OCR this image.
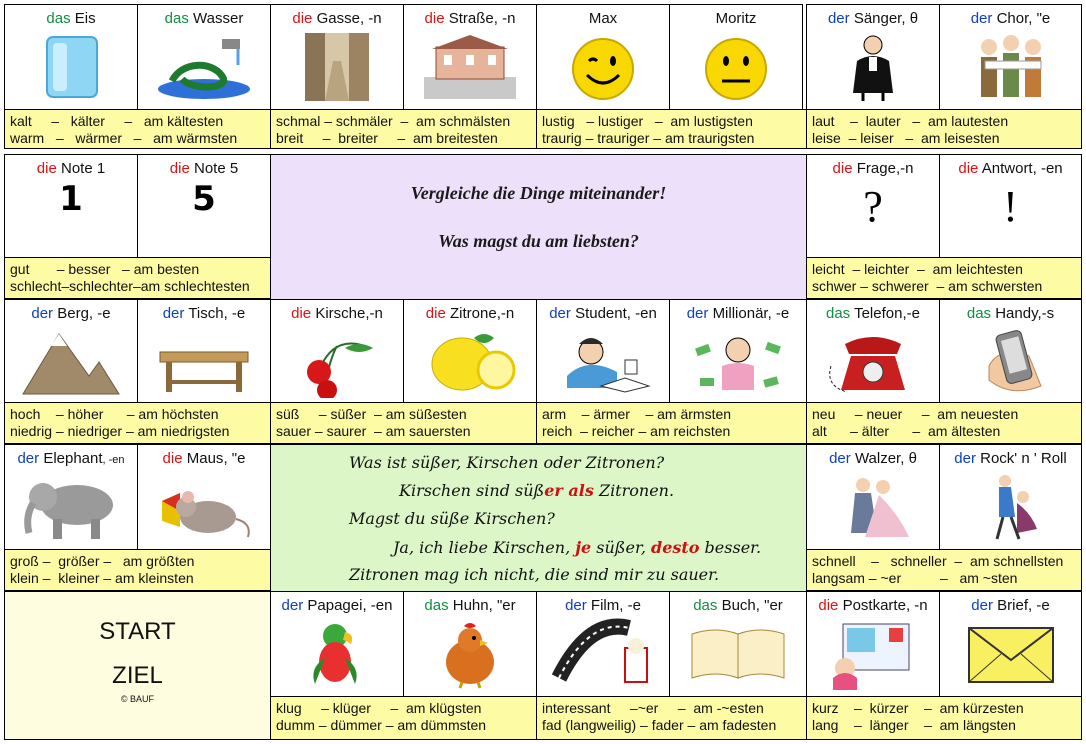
das Eis	das Wasser	die Gasse, -n	die Straße, -n	Max	Moritz	der Sänger, θ	der Chor, "e
kalt     –   kälter     –   am kältesten
warm   –   wärmer   –   am wärmsten
schmal – schmäler  –  am schmälsten
breit     –  breiter     –  am breitesten
lustig   – lustiger   –  am lustigsten
traurig – trauriger – am traurigsten
laut    –  lauter   –  am lautesten
leise  – leiser   –  am leisesten
die Note 1
1
die Note 5
5	Vergleiche die Dinge miteinander!
Was magst du am liebsten?
die Frage,-n
?
die Antwort, -en
!
gut       – besser   – am besten
schlecht–schlechter–am schlechtesten
leicht  – leichter  –  am leichtesten
schwer – schwerer  – am schwersten
der Berg, -e	der Tisch, -e	die Kirsche,-n	die Zitrone,-n	der Student, -en	der Millionär, -e	das Telefon,-e	das Handy,-s
hoch    – höher      – am höchsten
niedrig – niedriger – am niedrigsten
süß     – süßer  – am süßesten
sauer – saurer  – am sauersten
arm    – ärmer    – am ärmsten
reich  – reicher – am reichsten
neu     – neuer     –  am neuesten
alt      – älter      –  am ältesten
der Elephant, -en	die Maus, "e	Was ist süßer, Kirschen oder Zitronen?
Kirschen sind süßer als Zitronen.
Magst du süße Kirschen?
Ja, ich liebe Kirschen, je süßer, desto besser.
Zitronen mag ich nicht, die sind mir zu sauer.
der Walzer, θ	der Rock' n ' Roll
groß –  größer –   am größten
klein –  kleiner – am kleinsten
schnell    –   schneller  –  am schnellsten
langsam – ~er          –   am ~sten
START
ZIEL
© BAUF
der Papagei, -en	das Huhn, "er	der Film, -e	das Buch, "er	die Postkarte, -n	der Brief, -e
klug     – klüger     –  am klügsten
dumm – dümmer – am dümmsten
interessant     –~er     –  am -~esten
fad (langweilig) – fader – am fadesten
kurz    –  kürzer    –  am kürzesten
lang    –  länger    –  am längsten
